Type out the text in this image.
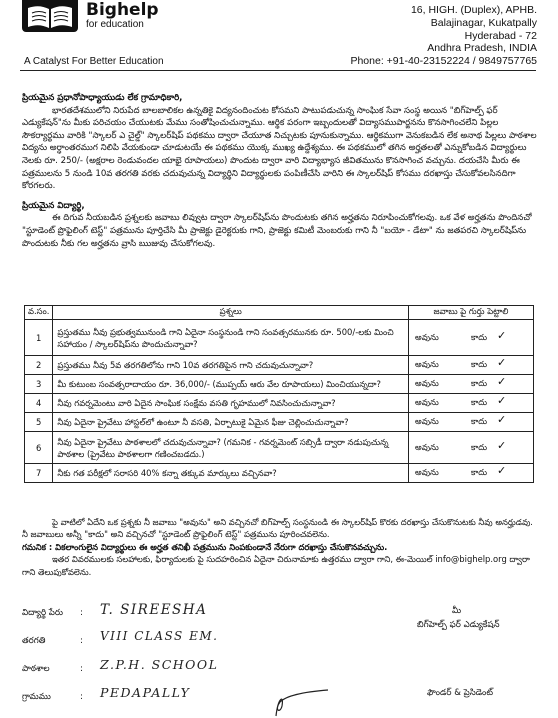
Bighelp
for education
A Catalyst For Better Education
16, HIGH. (Duplex), APHB.
Balajinagar, Kukatpally
Hyderabad - 72
Andhra Pradesh, INDIA
Phone: +91-40-23152224 / 9849757765

ప్రియమైన ప్రధానోపాధ్యాయుడు లేక గ్రామాధికారి,

భారతదేశములోని నిరుపేద బాలబాలికల ఉన్నతికై విద్యనందించుట కోసమని పాటుపడుచున్న సాంఘిక సేవా సంస్థ అయిన "బిగ్‌హెల్ప్ ఫర్ ఎడ్యుకేషన్"ను మీకు పరిచయం చేయుటకు మేము సంతోషించుచున్నాము. ఆర్థిక పరంగా ఇబ్బందులతో విద్యాసముపార్జనను కొనసాగించలేని పిల్లల సౌకర్యార్థము వారికి "స్కాలర్ ఎ చైల్డ్" స్కాలర్‌షిప్ పథకము ద్వారా చేయూత నిచ్చుటకు పూనుకున్నాము. ఆర్థికముగా వెనుకబడిన లేక అనాథ పిల్లలు పాఠశాల విద్యను అర్ధాంతరముగ నిలిపి వేయకుండా చూడుటయే ఈ పథకము యొక్క ముఖ్య ఉద్దేశ్యము. ఈ పథకములో తగిన అర్హతలతో ఎన్నుకోబడిన విద్యార్థులు నెలకు రూ. 250/- (అక్షరాల రెండువందల యాభై రూపాయలు) పొందుట ద్వారా వారి విద్యాభ్యాస జీవితమును కొనసాగించ వచ్చును. దయచేసి మీరు ఈ పత్రములను 5 నుండి 10వ తరగతి వరకు చదువుచున్న విద్యార్థిని విద్యార్థులకు పంపిణీచేసి వారిని ఈ స్కాలర్‌షిప్ కోసము దరఖాస్తు చేసుకోవలసినదిగా కోరగలరు.

ప్రియమైన విద్యార్థి,

ఈ దిగువ నీయబడిన ప్రశ్నలకు జవాబు లివ్వుట ద్వారా స్కాలర్‌షిప్‌ను పొందుటకు తగిన అర్హతను నిరూపించుకోగలవు. ఒక వేళ అర్హతను పొందినచో "స్టూడెంట్ ప్రొఫైలింగ్ టెస్ట్" పత్రమును పూర్తిచేసి మీ ప్రాజెక్టు డైరెక్టరుకు గాని, ప్రాజెక్టు కమిటీ మెంబరుకు గాని నీ "బయో - డేటా" ను జతపరచి స్కాలర్‌షిప్‌ను పొందుటకు నీకు గల అర్హతను వ్రాసి ఋజువు చేసుకోగలవు.

వ.సం.	ప్రశ్నలు	జవాబు పై గుర్తు పెట్టాలి
1	ప్రస్తుతము నీవు ప్రభుత్వమునుండి గాని ఏదైనా సంస్థనుండి గాని సంవత్సరమునకు రూ. 500/-లకు మించి సహాయం / స్కాలర్‌షిప్‌ను పొందుచున్నావా?	అవును కాదు ✓

2	ప్రస్తుతము నీవు 5వ తరగతిలోను గాని 10వ తరగతిపైన గాని చదువుచున్నావా?	అవును కాదు ✓

3	మీ కుటుంబ సంవత్సరాదాయం రూ. 36,000/- (ముప్పయ్ ఆరు వేల రూపాయలు) మించియున్నదా?	అవును కాదు ✓

4	నీవు గవర్నమెంటు వారి ఏదైన సాంఘిక సంక్షేమ వసతి గృహములో నివసించుచున్నావా?	అవును కాదు ✓

5	నీవు ఏదైనా ప్రైవేటు హాస్టల్‌లో ఉంటూ నీ వసతి, ఏర్పాటుకై ఏమైన ఫీజు చెల్లించుచున్నావా?	అవును కాదు ✓

6	నీవు ఏదైనా ప్రైవేటు పాఠశాలలో చదువుచున్నావా? (గమనిక - గవర్నమెంట్ సబ్సిడీ ద్వారా నడుపుచున్న పాఠశాల (ప్రైవేటు పాఠశాలగా గణించబడదు.)	అవును కాదు ✓

7	నీకు గత పరీక్షలో సరాసరి 40% కన్నా తక్కువ మార్కులు వచ్చినవా?	అవును కాదు ✓

పై వాటిలో ఏదేని ఒక ప్రశ్నకు నీ జవాబు "అవును" అని వచ్చినచో బిగ్‌హెల్ప్ సంస్థనుండి ఈ స్కాలర్‌షిప్ కొరకు దరఖాస్తు చేసుకొనుటకు నీవు అనర్హుడవు. నీ జవాబులు అన్నీ "కాదు" అని వచ్చినచో "స్టూడెంట్ ప్రొఫైలింగ్ టెస్ట్" పత్రమును పూరించవలెను.

గమనిక : వికలాంగులైన విద్యార్థులు ఈ అర్హత తనిఖీ పత్రమును నింపకుండానే నేరుగా దరఖాస్తు చేసుకొనవచ్చును.

ఇతర వివరములకు సలహాలకు, ఫిర్యాదులకు పై సుదహరించిన ఏదైనా చిరునామాకు ఉత్తరము ద్వారా గాని, ఈ-మెయిల్ info@bighelp.org ద్వారా గాని తెలుపుకోవలెను.

విద్యార్థి పేరు : T. SIREESHA
తరగతి	: VIII CLASS EM.
పాఠశాల	: Z.P.H. SCHOOL
గ్రామము	: PEDAPALLY
మీ
బిగ్‌హెల్ప్ ఫర్ ఎడ్యుకేషన్
ఫౌండర్ & ప్రెసిడెంట్
